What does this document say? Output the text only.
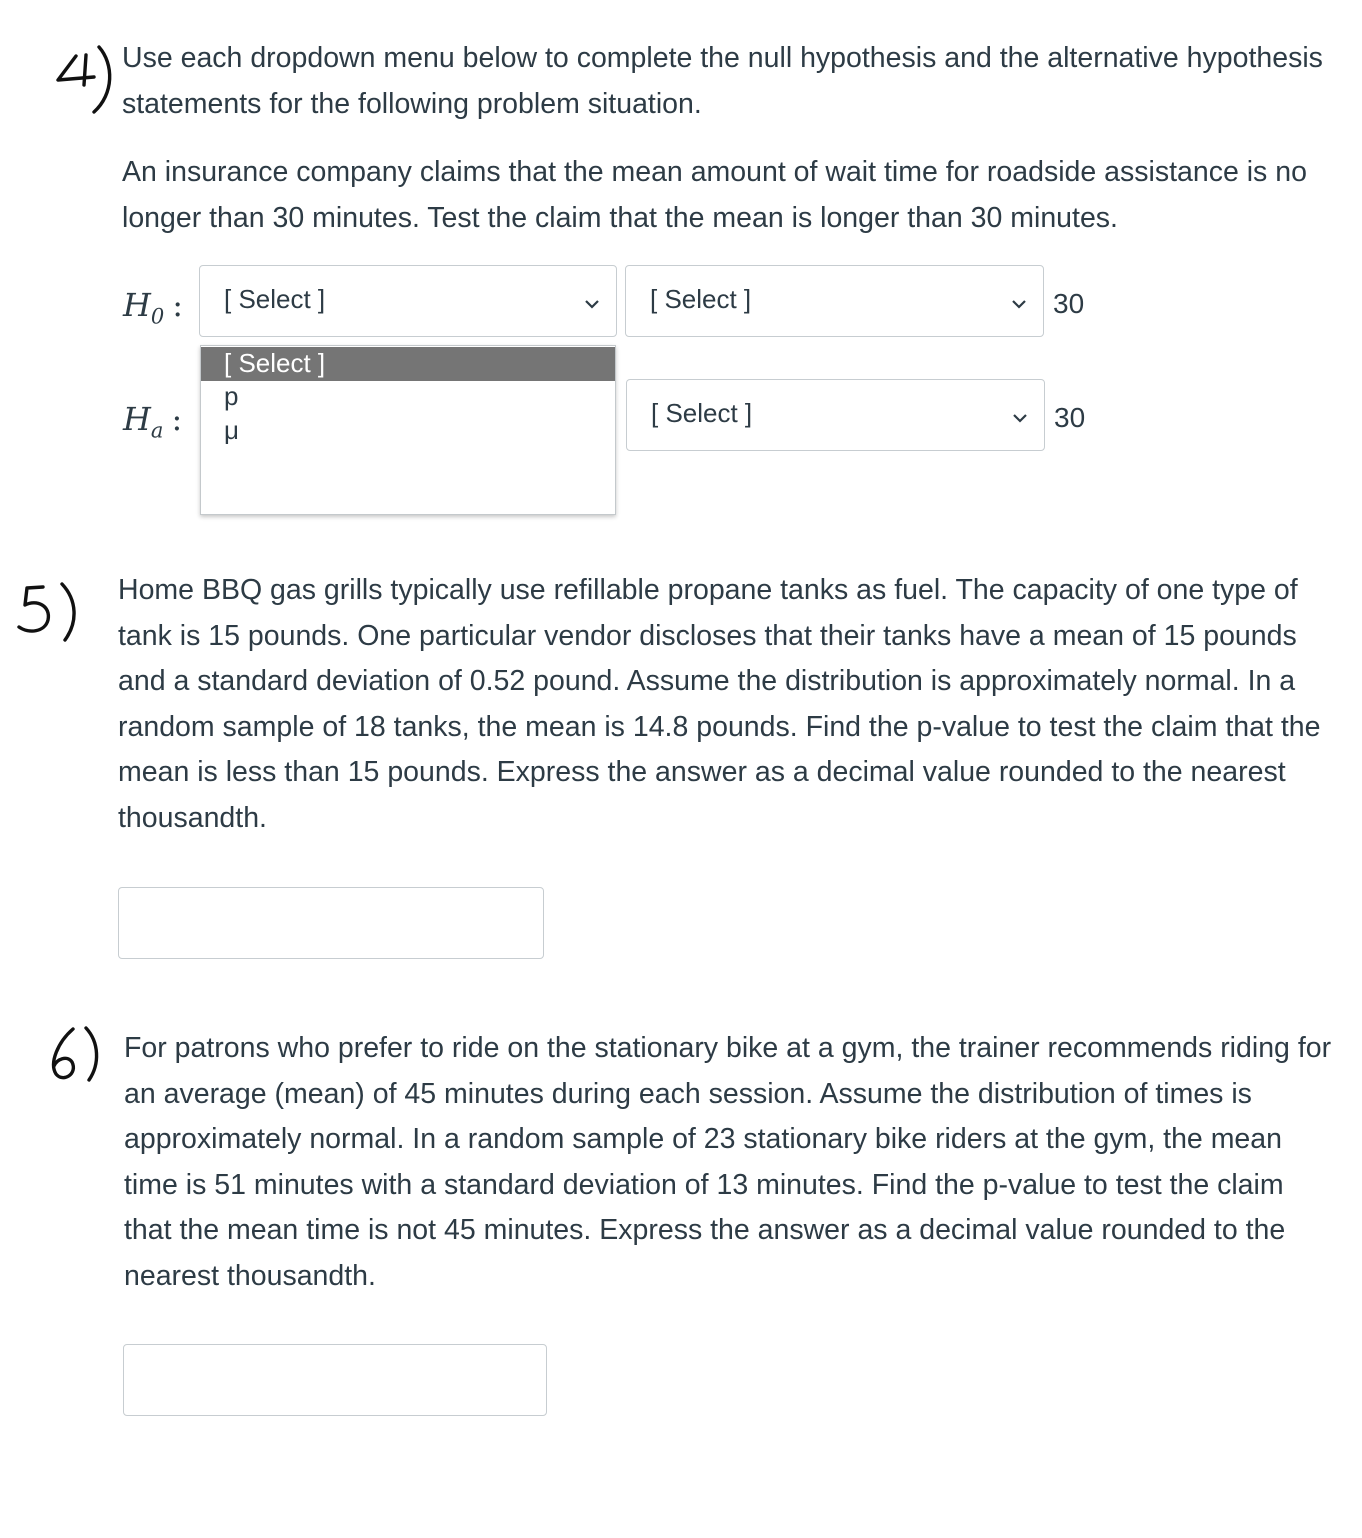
Use each dropdown menu below to complete the null hypothesis and the alternative hypothesis statements for the following problem situation.

An insurance company claims that the mean amount of wait time for roadside assistance is no longer than 30 minutes. Test the claim that the mean is longer than 30 minutes.

$H_0$ : [ Select ]	[ Select ]	30
$H_a$ :	[ Select ]	30
[ Select ]
p
μ

Home BBQ gas grills typically use refillable propane tanks as fuel. The capacity of one type of tank is 15 pounds. One particular vendor discloses that their tanks have a mean of 15 pounds and a standard deviation of 0.52 pound. Assume the distribution is approximately normal. In a random sample of 18 tanks, the mean is 14.8 pounds. Find the p-value to test the claim that the mean is less than 15 pounds. Express the answer as a decimal value rounded to the nearest thousandth.

For patrons who prefer to ride on the stationary bike at a gym, the trainer recommends riding for an average (mean) of 45 minutes during each session. Assume the distribution of times is approximately normal. In a random sample of 23 stationary bike riders at the gym, the mean time is 51 minutes with a standard deviation of 13 minutes. Find the p-value to test the claim that the mean time is not 45 minutes. Express the answer as a decimal value rounded to the nearest thousandth.
